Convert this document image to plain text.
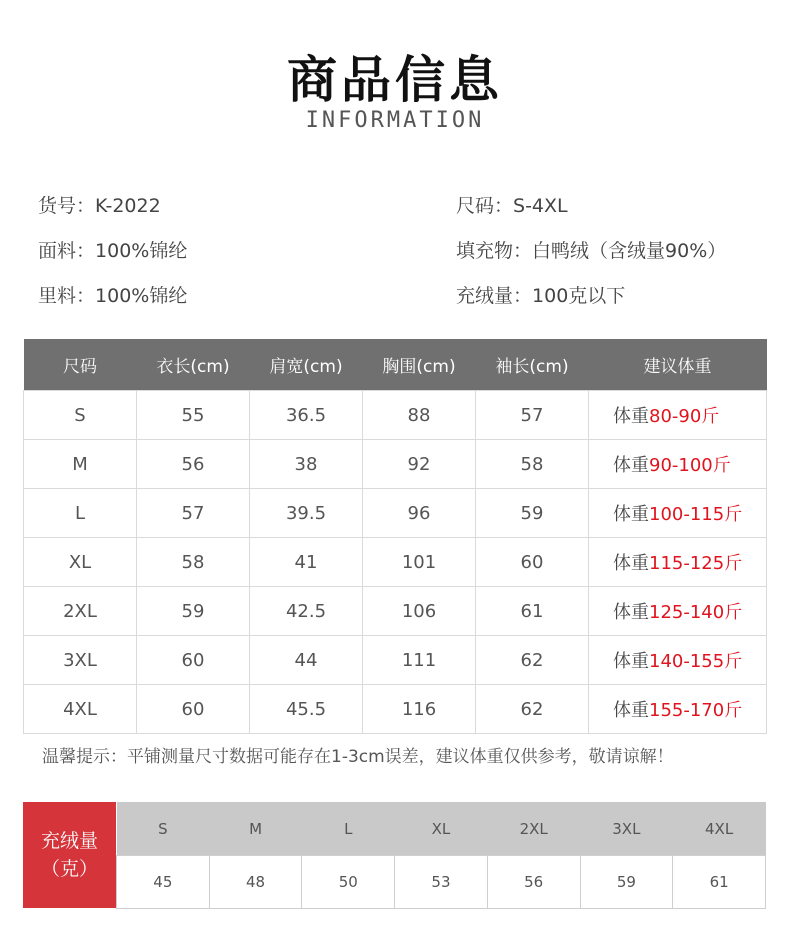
商品信息
INFORMATION
货号：K-2022	尺码：S-4XL
面料：100%锦纶	填充物：白鸭绒（含绒量90%）
里料：100%锦纶	充绒量：100克以下
尺码	衣长(cm)	肩宽(cm)	胸围(cm)	袖长(cm)	建议体重
S	55	36.5	88	57	体重80-90斤
M	56	38	92	58	体重90-100斤
L	57	39.5	96	59	体重100-115斤
XL	58	41	101	60	体重115-125斤
2XL	59	42.5	106	61	体重125-140斤
3XL	60	44	111	62	体重140-155斤
4XL	60	45.5	116	62	体重155-170斤
温馨提示：平铺测量尺寸数据可能存在1-3cm误差，建议体重仅供参考，敬请谅解！
充绒量
（克）
S	M	L	XL	2XL	3XL	4XL
45	48	50	53	56	59	61
